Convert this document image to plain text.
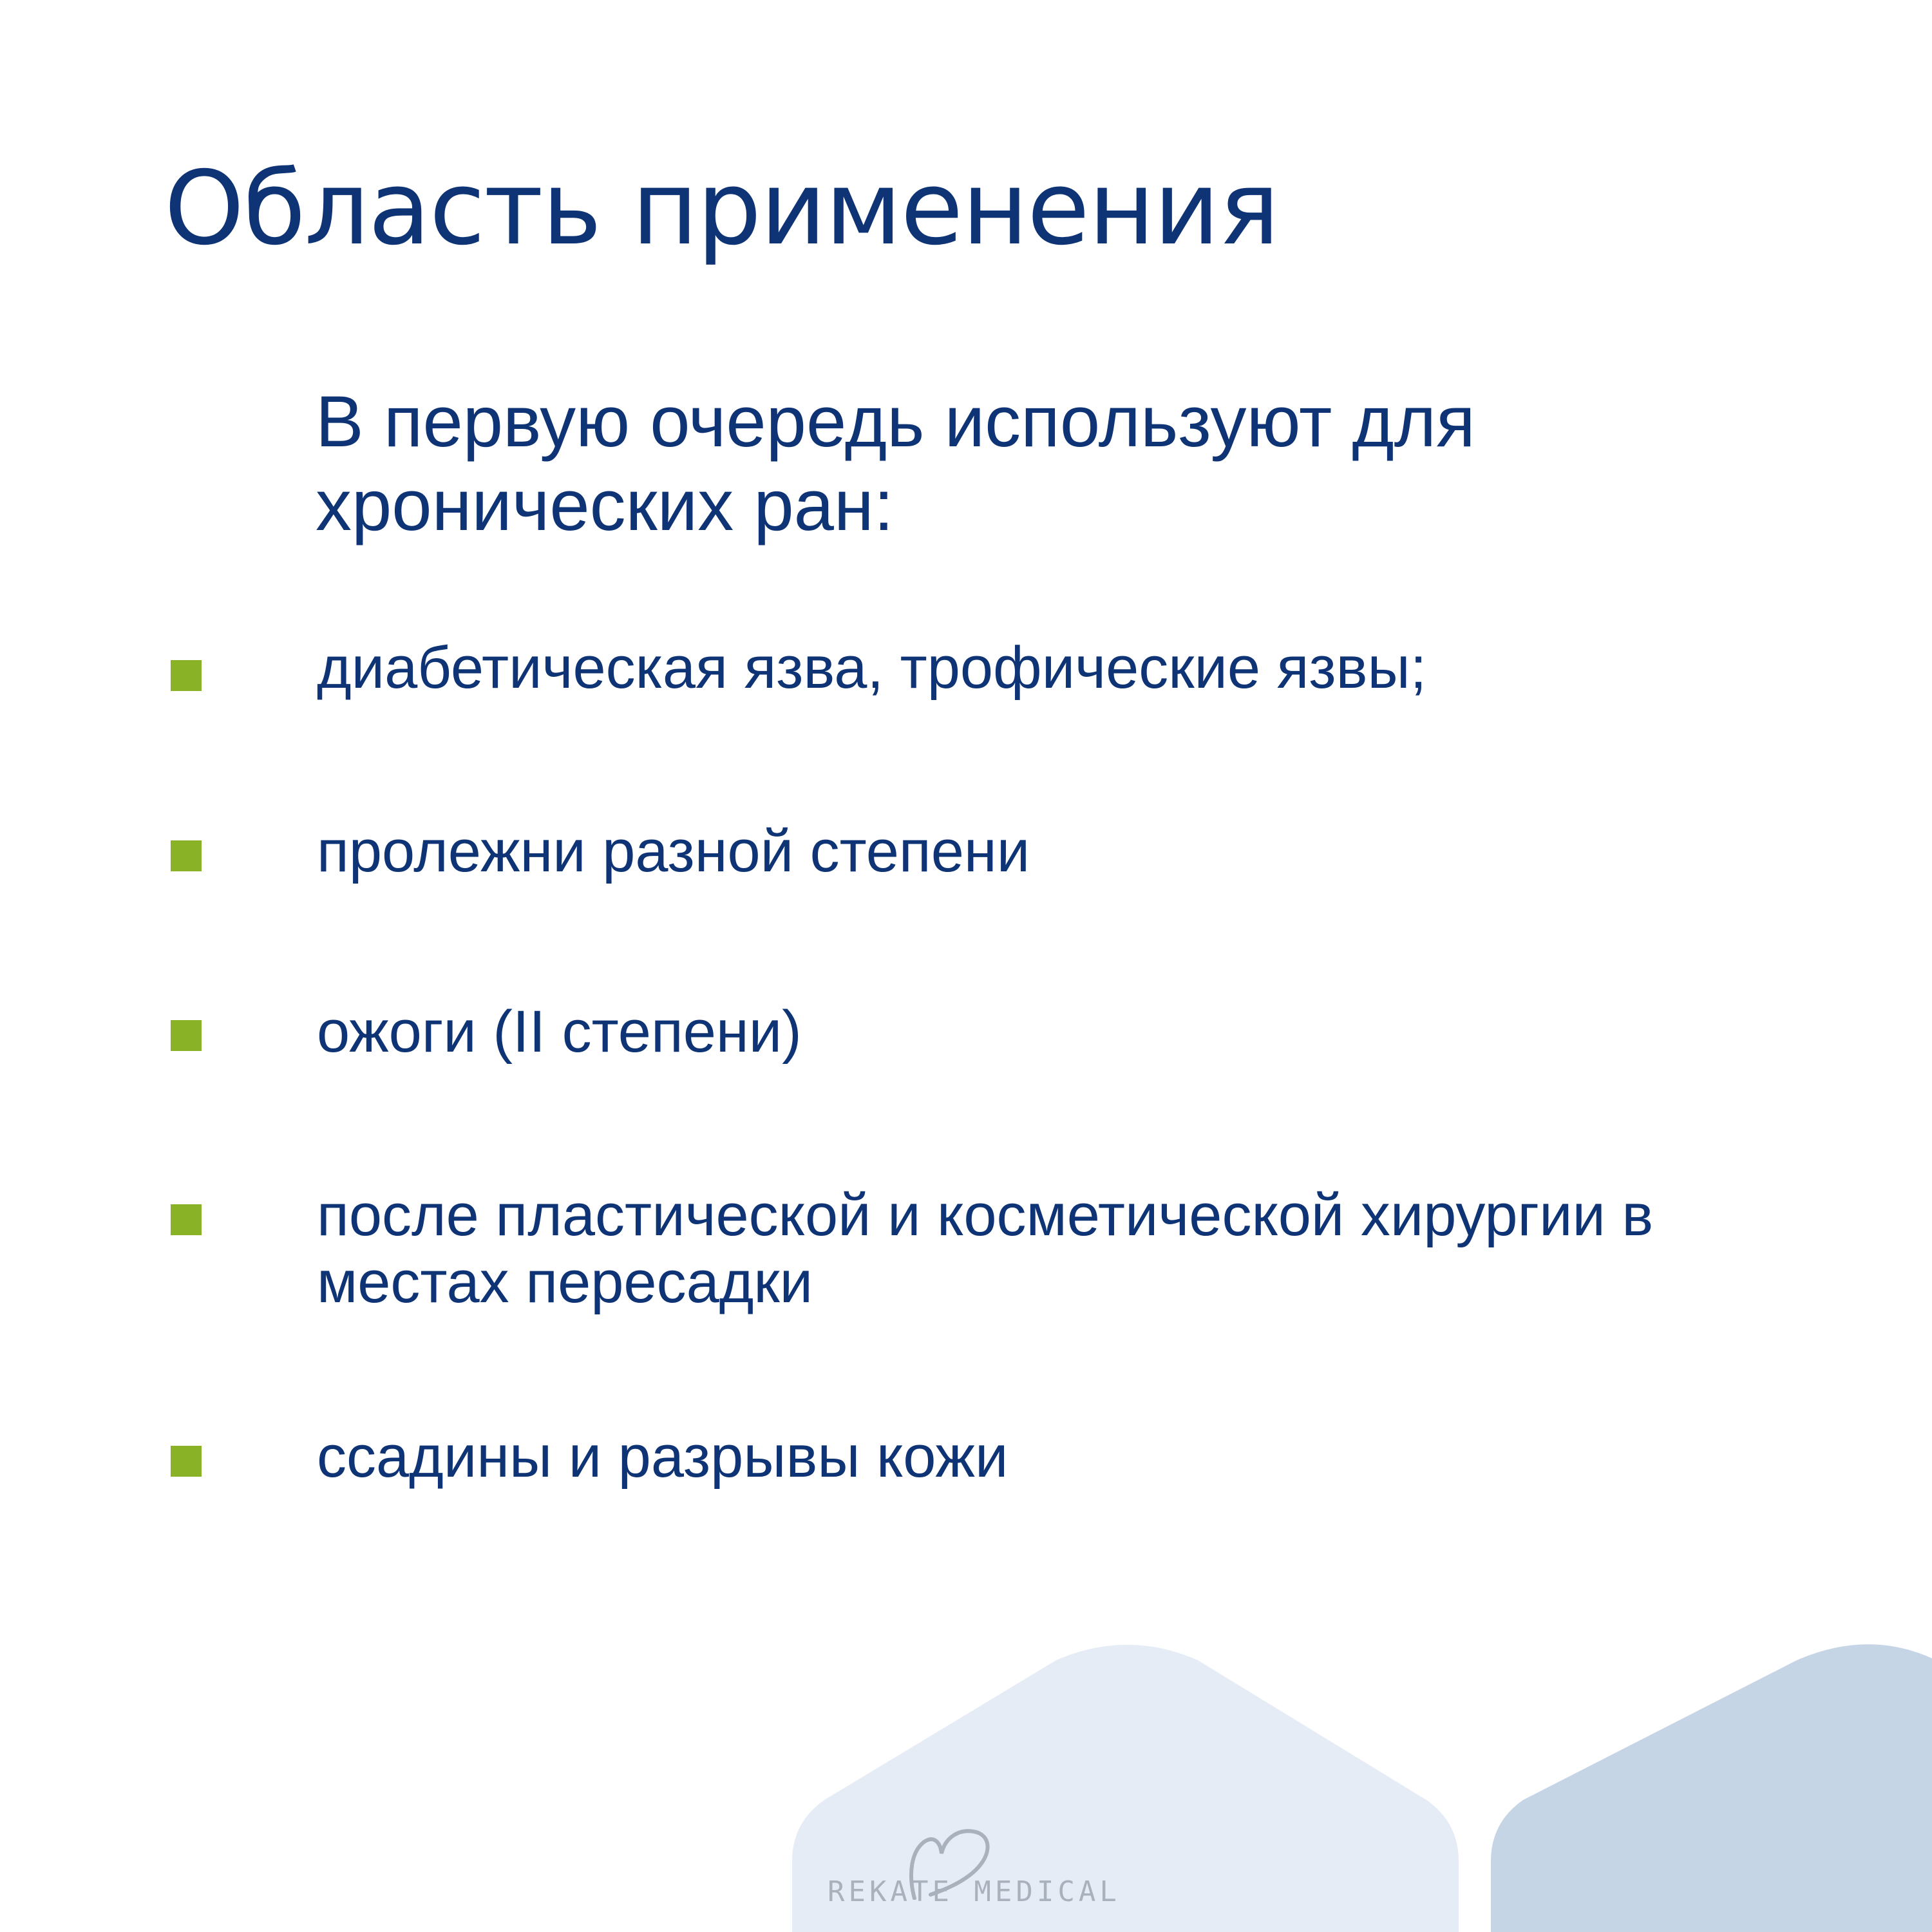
Область применения

В первую очередь используют для хронических ран:

диабетическая язва, трофические язвы;
пролежни разной степени
ожоги (II степени)
после пластической и косметической хирургии в местах пересадки
ссадины и разрывы кожи
REKATE MEDICAL
